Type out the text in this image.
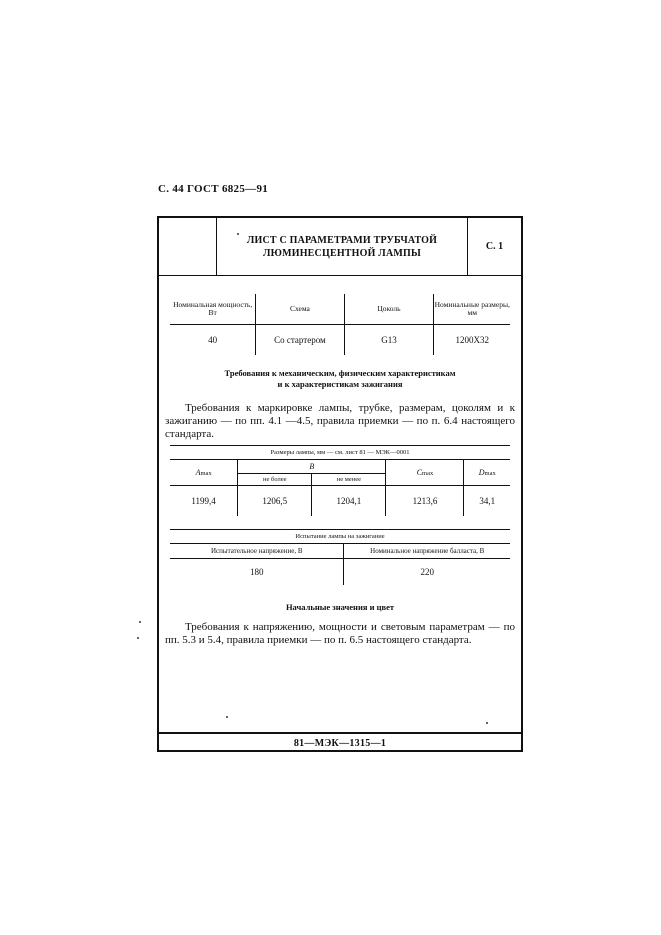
С. 44 ГОСТ 6825—91
ЛИСТ С ПАРАМЕТРАМИ ТРУБЧАТОЙ
ЛЮМИНЕСЦЕНТНОЙ ЛАМПЫ
С. 1
Номинальная мощность, Вт	Схема	Цоколь	Номинальные размеры, мм
40	Со стартером	G13	1200Х32
Требования к механическим, физическим характеристикам
и к характеристикам зажигания
Требования к маркировке лампы, трубке, размерам, цоколям и к зажиганию — по пп. 4.1 —4.5, правила приемки — по п. 6.4 настоящего стандарта.
Размеры лампы, мм — см. лист 81 — МЭК—0001				
Amax	B		Cmax	Dmax
	не более	не менее		
1199,4	1206,5	1204,1	1213,6	34,1
Испытание лампы на зажигание	
Испытательное напряжение, В	Номинальное напряжение балласта, В
180	220
Начальные значения и цвет
Требования к напряжению, мощности и световым параметрам — по пп. 5.3 и 5.4, правила приемки — по п. 6.5 настоящего стандарта.
81—МЭК—1315—1
